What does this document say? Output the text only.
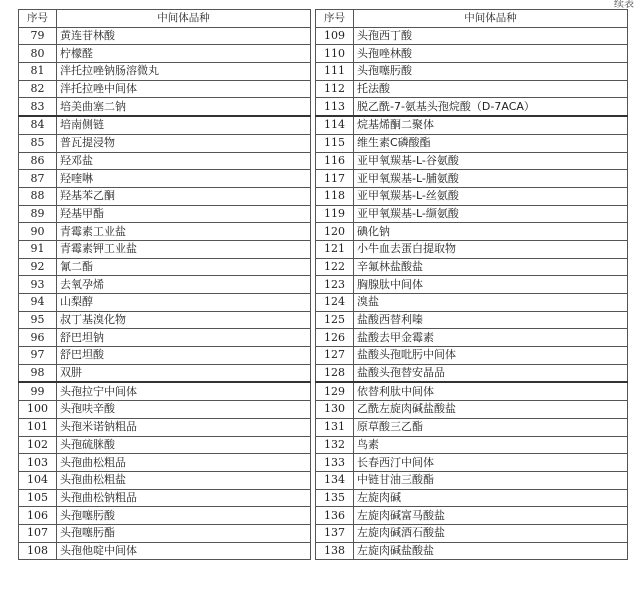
续表
序号	中间体品种		序号	中间体品种
79	黄连苷林酸		109	头孢西丁酸
80	柠檬醛		110	头孢唑林酸
81	泮托拉唑钠肠溶微丸		111	头孢噻肟酸
82	泮托拉唑中间体		112	托法酸
83	培美曲塞二钠		113	脱乙酰-7-氨基头孢烷酸（D-7ACA）
84	培南侧链		114	烷基烯酮二聚体
85	普瓦提浸物		115	维生素C磷酸酯
86	羟邓盐		116	亚甲氧羰基-L-谷氨酸
87	羟喹啉		117	亚甲氧羰基-L-脯氨酸
88	羟基苯乙酮		118	亚甲氧羰基-L-丝氨酸
89	羟基甲酯		119	亚甲氧羰基-L-缬氨酸
90	青霉素工业盐		120	碘化钠
91	青霉素钾工业盐		121	小牛血去蛋白提取物
92	氰二酯		122	辛氟林盐酸盐
93	去氧孕烯		123	胸腺肽中间体
94	山梨醇		124	溴盐
95	叔丁基溴化物		125	盐酸西替利嗪
96	舒巴坦钠		126	盐酸去甲金霉素
97	舒巴坦酸		127	盐酸头孢吡肟中间体
98	双肼		128	盐酸头孢替安晶品
99	头孢拉宁中间体		129	依替利肽中间体
100	头孢呋辛酸		130	乙酰左旋肉碱盐酸盐
101	头孢米诺钠粗品		131	原草酸三乙酯
102	头孢硫脒酸		132	鸟素
103	头孢曲松粗品		133	长春西汀中间体
104	头孢曲松粗盐		134	中链甘油三酸酯
105	头孢曲松钠粗品		135	左旋肉碱
106	头孢噻肟酸		136	左旋肉碱富马酸盐
107	头孢噻肟酯		137	左旋肉碱酒石酸盐
108	头孢他啶中间体		138	左旋肉碱盐酸盐
